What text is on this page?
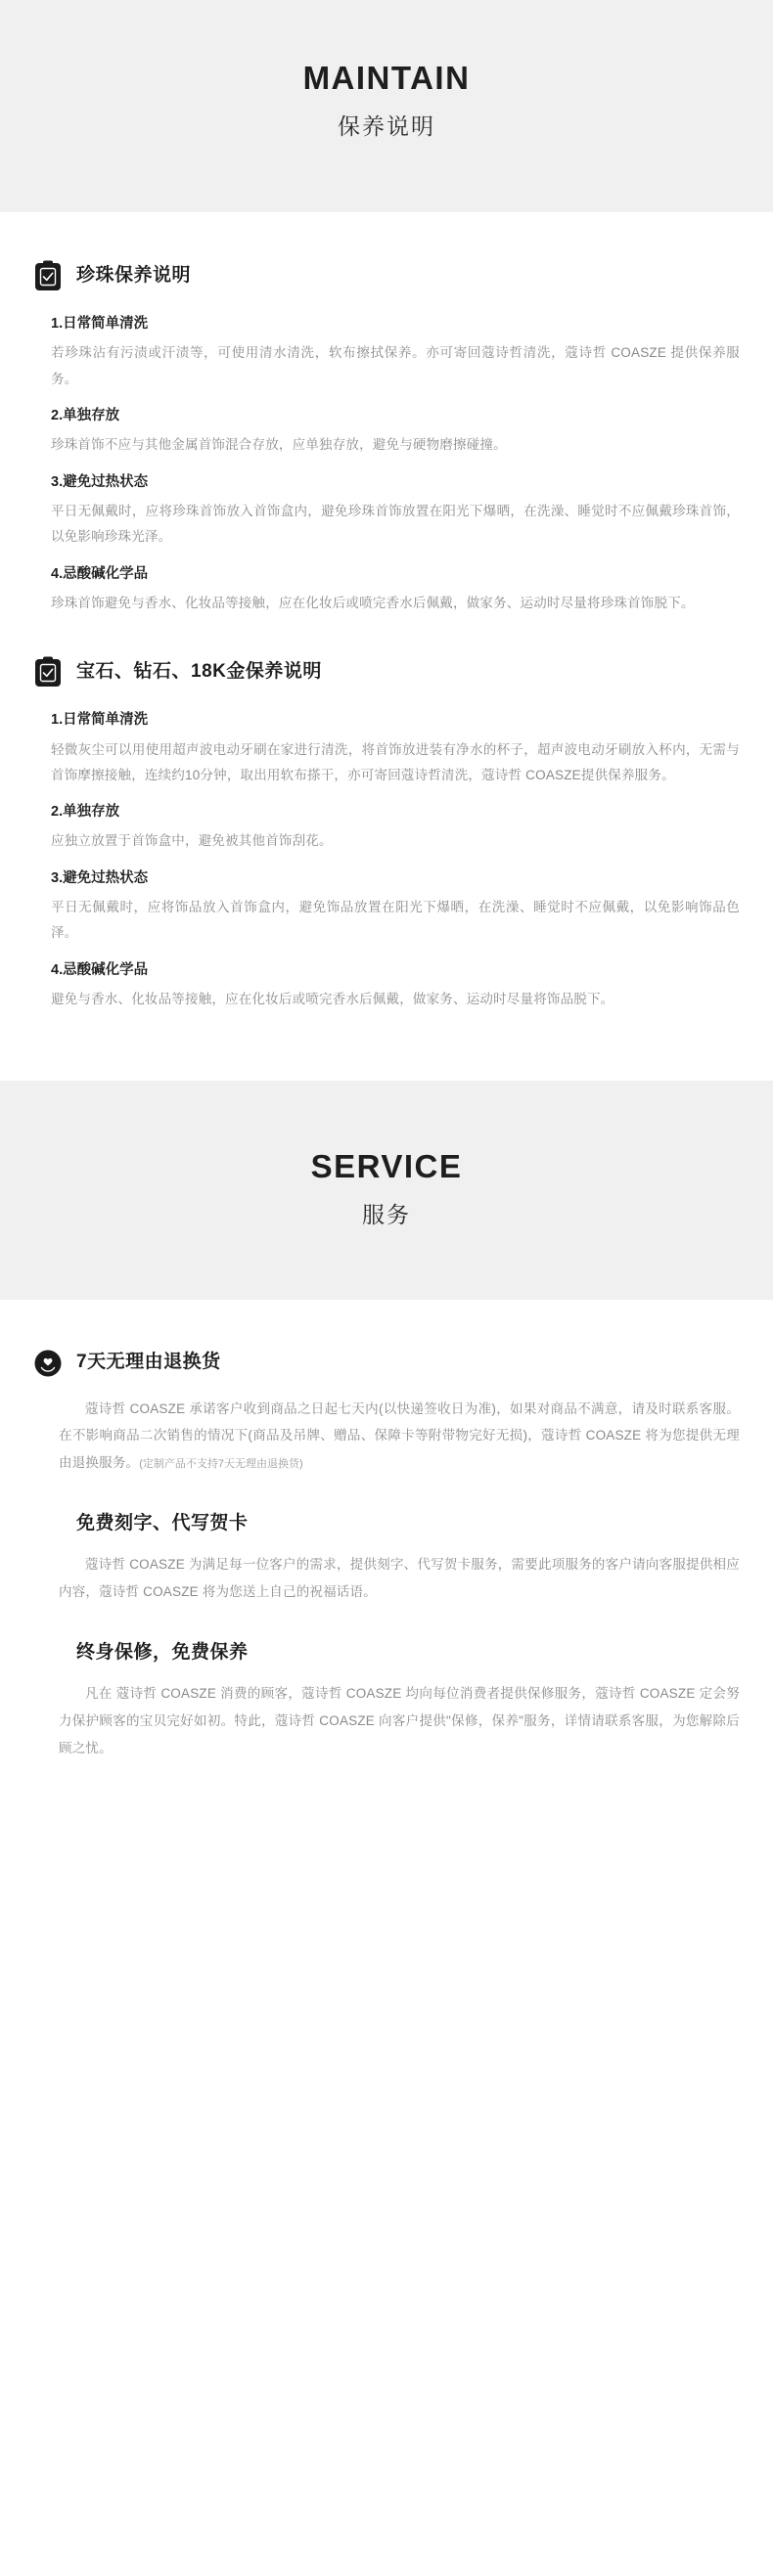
MAINTAIN
保养说明
珍珠保养说明
1.日常简单清洗

若珍珠沾有污渍或汗渍等，可使用清水清洗，软布擦拭保养。亦可寄回蔻诗哲清洗，蔻诗哲 COASZE 提供保养服务。

2.单独存放

珍珠首饰不应与其他金属首饰混合存放，应单独存放，避免与硬物磨擦碰撞。

3.避免过热状态

平日无佩戴时，应将珍珠首饰放入首饰盒内，避免珍珠首饰放置在阳光下爆晒，在洗澡、睡觉时不应佩戴珍珠首饰，以免影响珍珠光泽。

4.忌酸碱化学品

珍珠首饰避免与香水、化妆品等接触，应在化妆后或喷完香水后佩戴，做家务、运动时尽量将珍珠首饰脱下。

宝石、钻石、18K金保养说明
1.日常简单清洗

轻微灰尘可以用使用超声波电动牙刷在家进行清洗，将首饰放进装有净水的杯子，超声波电动牙刷放入杯内，无需与首饰摩擦接触，连续约10分钟，取出用软布搽干，亦可寄回蔻诗哲清洗，蔻诗哲 COASZE提供保养服务。

2.单独存放

应独立放置于首饰盒中，避免被其他首饰刮花。

3.避免过热状态

平日无佩戴时，应将饰品放入首饰盒内，避免饰品放置在阳光下爆晒，在洗澡、睡觉时不应佩戴，以免影响饰品色泽。

4.忌酸碱化学品

避免与香水、化妆品等接触，应在化妆后或喷完香水后佩戴，做家务、运动时尽量将饰品脱下。

SERVICE
服务
7天无理由退换货

蔻诗哲 COASZE 承诺客户收到商品之日起七天内(以快递签收日为准)，如果对商品不满意，请及时联系客服。在不影响商品二次销售的情况下(商品及吊牌、赠品、保障卡等附带物完好无损)，蔻诗哲 COASZE 将为您提供无理由退换服务。(定制产品不支持7天无理由退换货)

免费刻字、代写贺卡

蔻诗哲 COASZE 为满足每一位客户的需求，提供刻字、代写贺卡服务，需要此项服务的客户请向客服提供相应内容，蔻诗哲 COASZE 将为您送上自己的祝福话语。

终身保修，免费保养

凡在 蔻诗哲 COASZE 消费的顾客，蔻诗哲 COASZE 均向每位消费者提供保修服务，蔻诗哲 COASZE 定会努力保护顾客的宝贝完好如初。特此，蔻诗哲 COASZE 向客户提供"保修，保养"服务，详情请联系客服，为您解除后顾之忧。
